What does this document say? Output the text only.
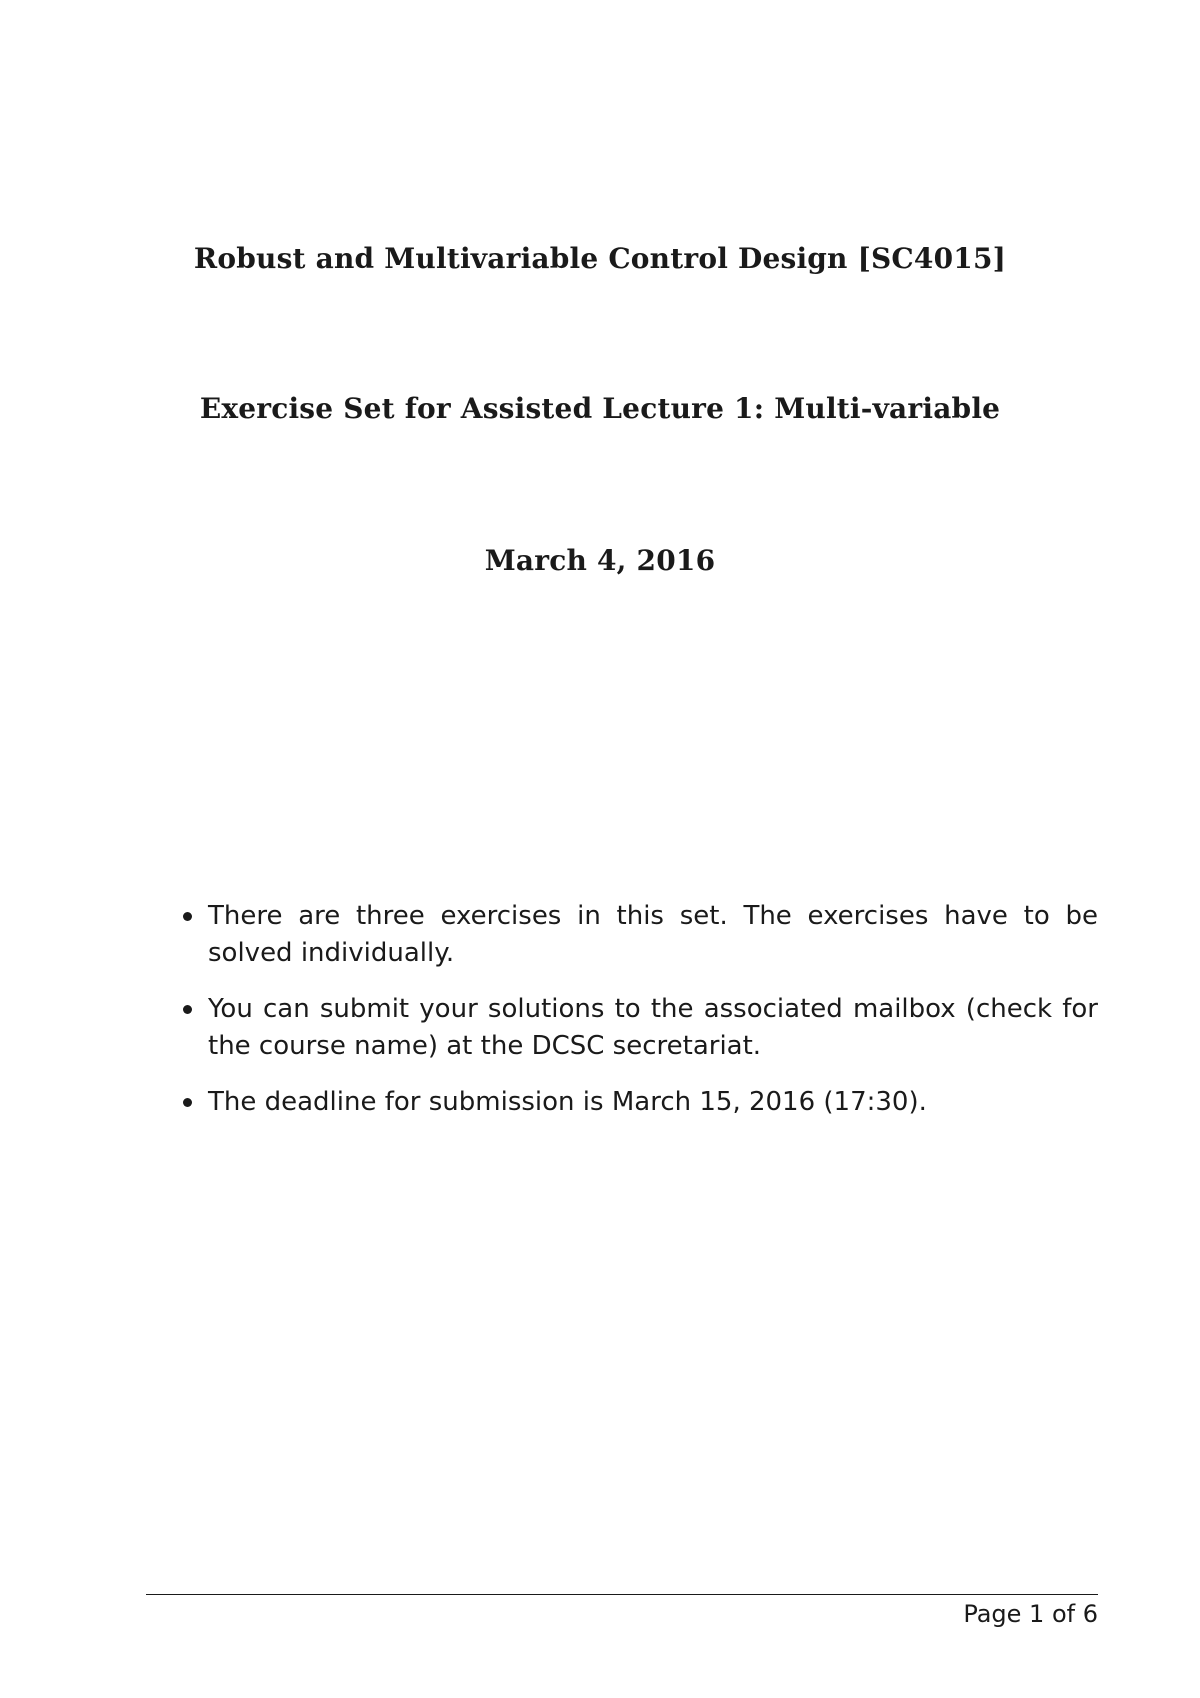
Robust and Multivariable Control Design [SC4015]
Exercise Set for Assisted Lecture 1: Multi-variable
March 4, 2016
There are three exercises in this set. The exercises have to be solved individually.
You can submit your solutions to the associated mailbox (check for the course name) at the DCSC secretariat.
The deadline for submission is March 15, 2016 (17:30).
Page 1 of 6
